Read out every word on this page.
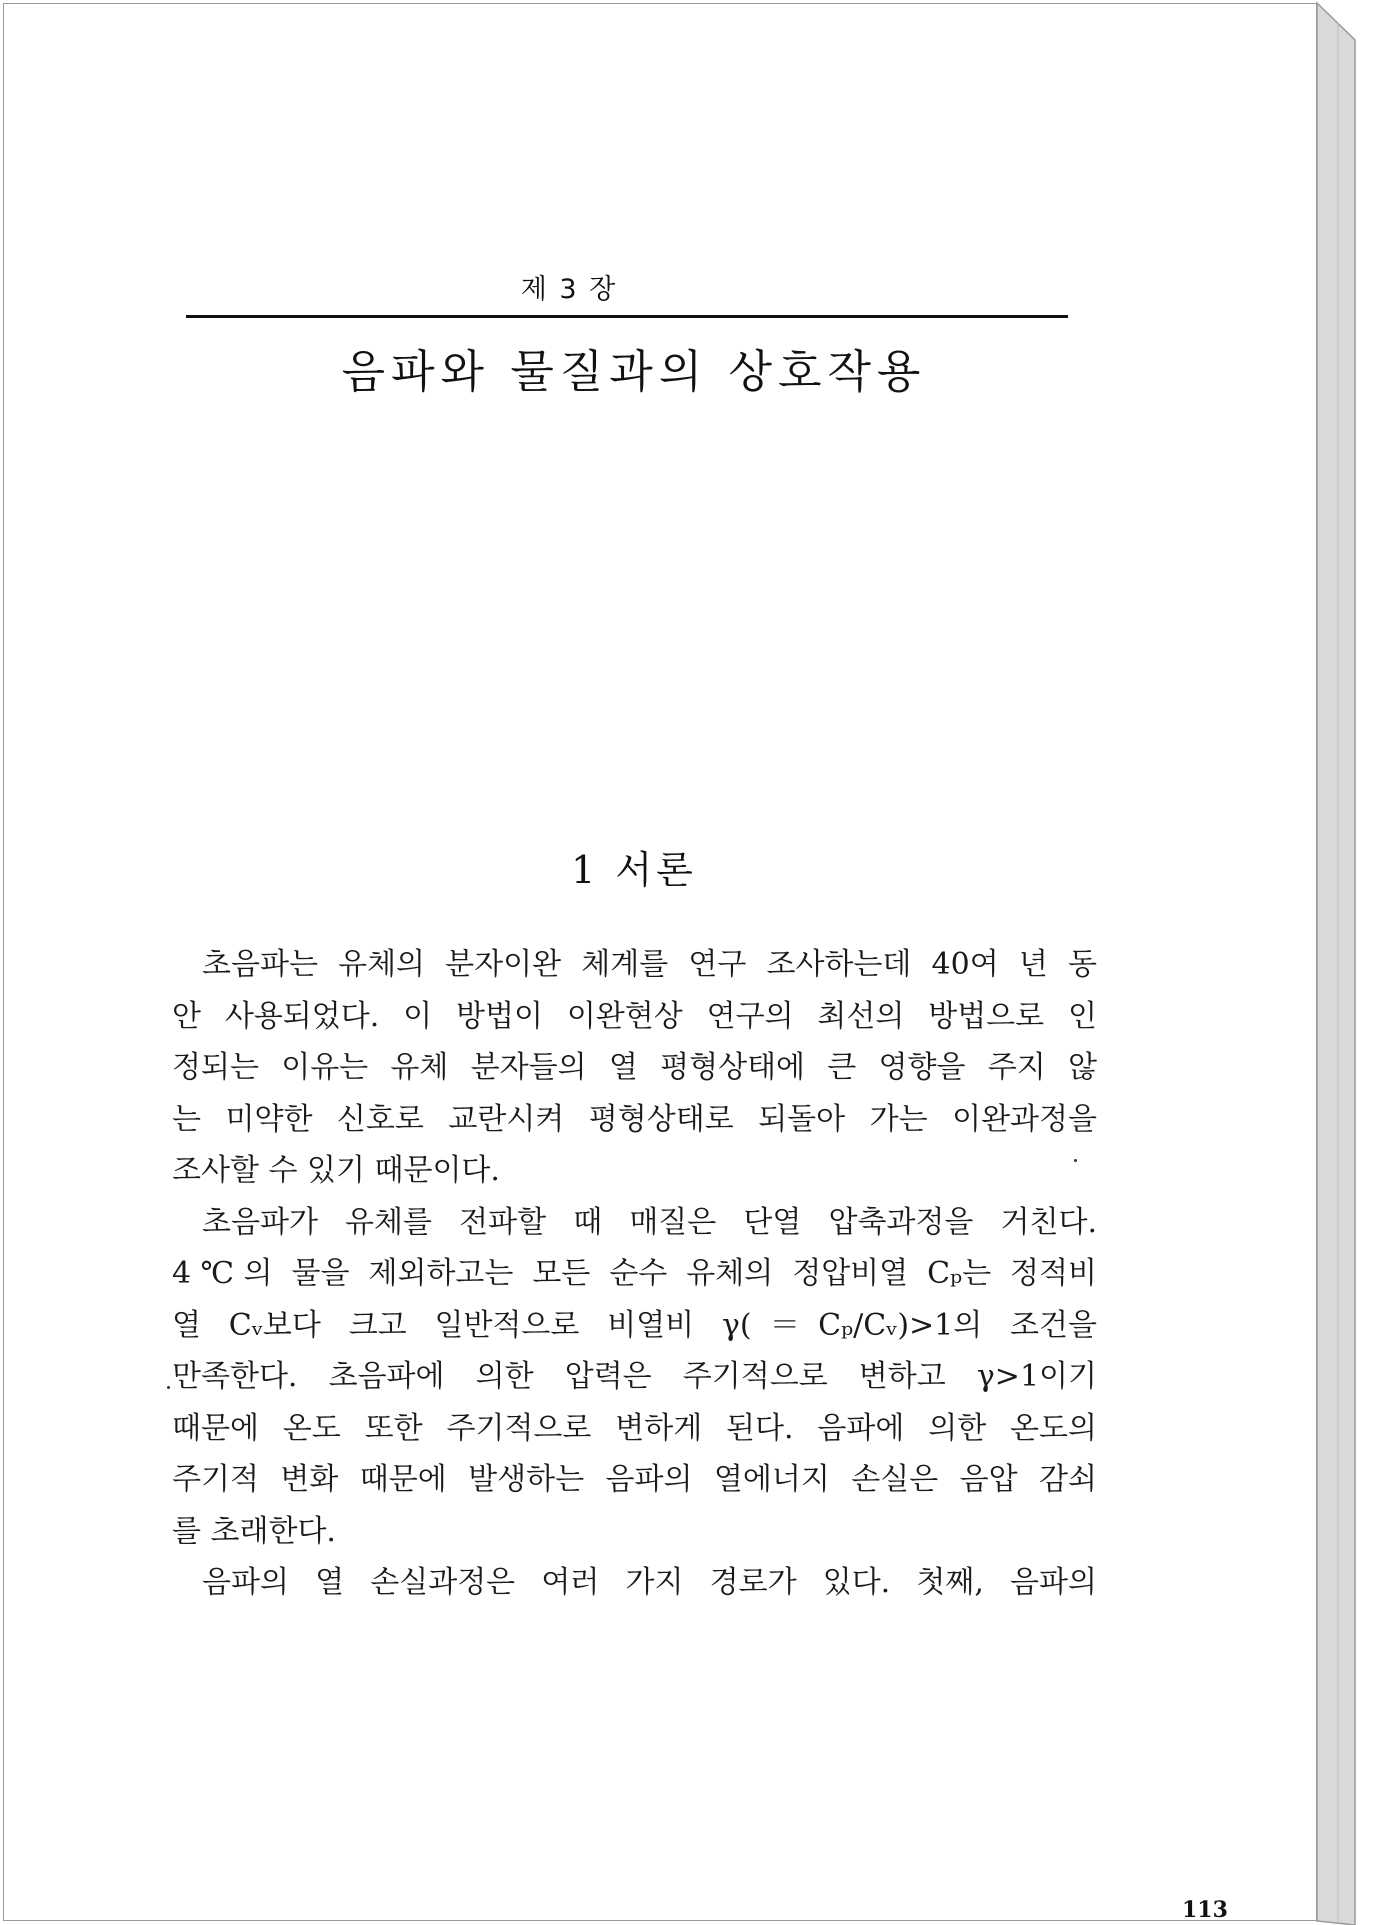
제 3 장
음파와 물질과의 상호작용
1 서론
초음파는 유체의 분자이완 체계를 연구 조사하는데 40여 년 동
안 사용되었다. 이 방법이 이완현상 연구의 최선의 방법으로 인
정되는 이유는 유체 분자들의 열 평형상태에 큰 영향을 주지 않
는 미약한 신호로 교란시켜 평형상태로 되돌아 가는 이완과정을
조사할 수 있기 때문이다.
초음파가 유체를 전파할 때 매질은 단열 압축과정을 거친다.
4℃의 물을 제외하고는 모든 순수 유체의 정압비열 Cₚ는 정적비
열 Cᵥ보다 크고 일반적으로 비열비 γ(＝Cₚ/Cᵥ)>1의 조건을
만족한다. 초음파에 의한 압력은 주기적으로 변하고 γ>1이기
때문에 온도 또한 주기적으로 변하게 된다. 음파에 의한 온도의
주기적 변화 때문에 발생하는 음파의 열에너지 손실은 음압 감쇠
를 초래한다.
음파의 열 손실과정은 여러 가지 경로가 있다. 첫째, 음파의
113
